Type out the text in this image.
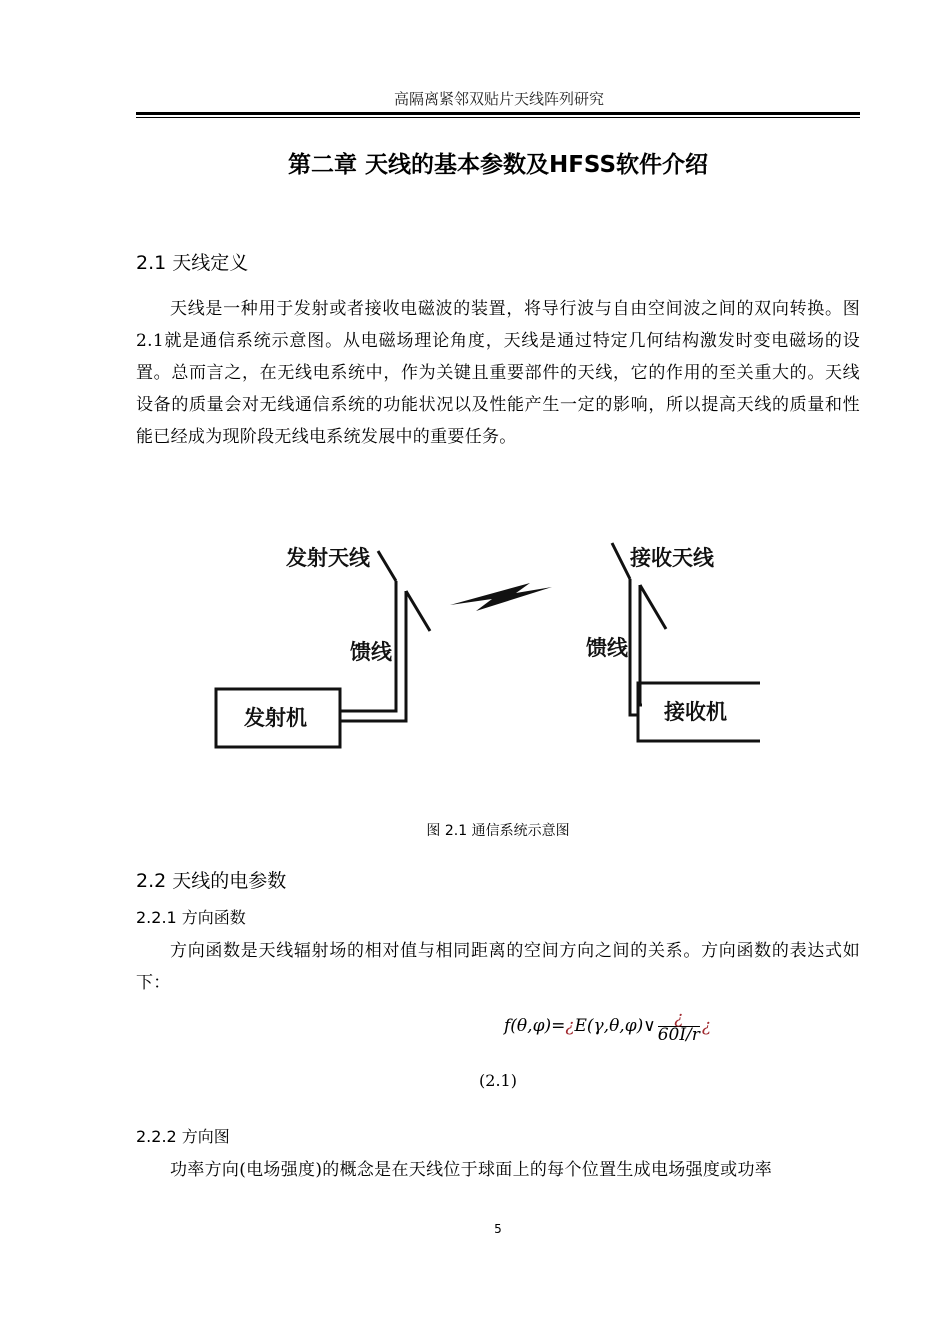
高隔离紧邻双贴片天线阵列研究
第二章 天线的基本参数及HFSS软件介绍
2.1 天线定义
天线是一种用于发射或者接收电磁波的装置，将导行波与自由空间波之间的双向转换。图2.1就是通信系统示意图。从电磁场理论角度，天线是通过特定几何结构激发时变电磁场的设置。总而言之，在无线电系统中，作为关键且重要部件的天线，它的作用的至关重大的。天线设备的质量会对无线通信系统的功能状况以及性能产生一定的影响，所以提高天线的质量和性能已经成为现阶段无线电系统发展中的重要任务。
发射天线	接收天线
馈线	馈线
发射机	接收机
图 2.1 通信系统示意图
2.2 天线的电参数
2.2.1 方向函数
方向函数是天线辐射场的相对值与相同距离的空间方向之间的关系。方向函数的表达式如下：
f(θ,φ)=¿E(γ,θ,φ)∨ $\frac{¿}{60I/r}$ ¿
(2.1)
2.2.2 方向图
功率方向(电场强度)的概念是在天线位于球面上的每个位置生成电场强度或功率
5
